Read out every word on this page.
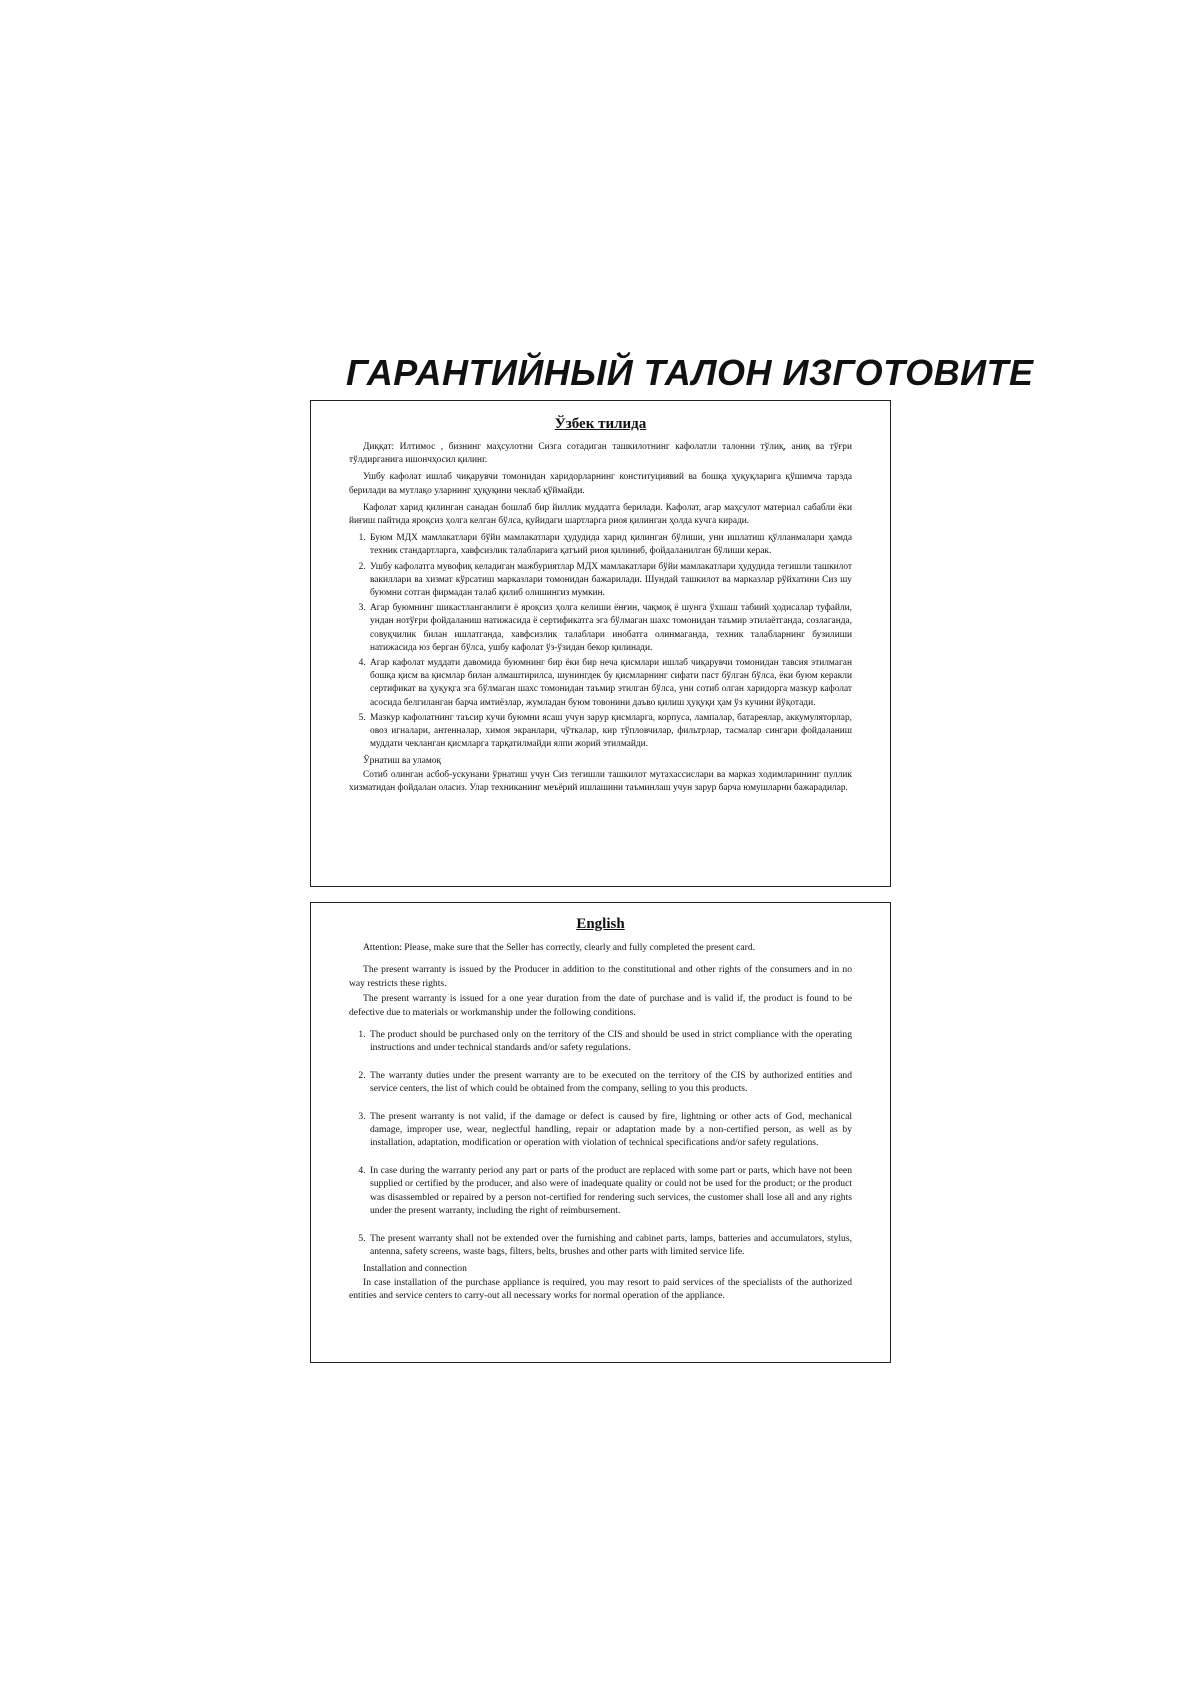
ГАРАНТИЙНЫЙ ТАЛОН ИЗГОТОВИТЕ
Ўзбек тилида

Диққат: Илтимос , бизнинг маҳсулотни Сизга сотадиган ташкилотнинг кафолатли талонни тўлиқ, аниқ ва тўғри тўлдирганига ишончҳосил қилинг.

Ушбу кафолат ишлаб чиқарувчи томонидан харидорларнинг конституциявий ва бошқа ҳуқуқларига қўшимча тарзда берилади ва мутлақо уларнинг ҳуқуқини чеклаб қўймайди.

Кафолат харид қилинган санадан бошлаб бир йиллик муддатга берилади. Кафолат, агар маҳсулот материал сабабли ёки йиғиш пайтида яроқсиз ҳолга келган бўлса, қуйидаги шартларга риоя қилинган ҳолда кучга киради.

1. Буюм МДХ мамлакатлари бўйи мамлакатлари ҳудудида харид қилинган бўлиши, уни ишлатиш қўлланмалари ҳамда техник стандартларга, хавфсизлик талабларига қатъий риоя қилиниб, фойдаланилган бўлиши керак.
2. Ушбу кафолатга мувофиқ келадиган мажбуриятлар МДХ мамлакатлари бўйи мамлакатлари ҳудудида тегишли ташкилот вакиллари ва хизмат кўрсатиш марказлари томонидан бажарилади. Шундай ташкилот ва марказлар рўйхатини Сиз шу буюмни сотган фирмадан талаб қилиб олишингиз мумкин.
3. Агар буюмнинг шикастланганлиги ё яроқсиз ҳолга келиши ёнғин, чақмоқ ё шунга ўхшаш табиий ҳодисалар туфайли, ундан нотўғри фойдаланиш натижасида ё сертификатга эга бўлмаган шахс томонидан таъмир этилаётганда, созлаганда, совуқчилик билан ишлатганда, хавфсизлик талаблари инобатга олинмаганда, техник талабларнинг бузилиши натижасида юз берган бўлса, ушбу кафолат ўз-ўзидан бекор қилинади.
4. Агар кафолат муддати давомида буюмнинг бир ёки бир неча қисмлари ишлаб чиқарувчи томонидан тавсия этилмаган бошқа қисм ва қисмлар билан алмаштирилса, шунингдек бу қисмларнинг сифати паст бўлган бўлса, ёки буюм керакли сертификат ва ҳуқуқга эга бўлмаган шахс томонидан таъмир этилган бўлса, уни сотиб олган харидорга мазкур кафолат асосида белгиланган барча имтиёзлар, жумладан буюм товонини даъво қилиш ҳуқуқи ҳам ўз кучини йўқотади.
5. Мазкур кафолатнинг таъсир кучи буюмни ясаш учун зарур қисмларга, корпуса, лампалар, батареялар, аккумуляторлар, овоз игналари, антенналар, химоя экранлари, чўткалар, кир тўпловчилар, фильтрлар, тасмалар сингари фойдаланиш муддати чекланган қисмларга тарқатилмайди ялпи жорий этилмайди.

Ўрнатиш ва уламоқ

Сотиб олинган асбоб-ускунани ўрнатиш учун Сиз тегишли ташкилот мутахассислари ва марказ ходимларининг пуллик хизматидан фойдалан оласиз. Улар техниканинг меъёрий ишлашини таъминлаш учун зарур барча юмушларни бажарадилар.

English

Attention: Please, make sure that the Seller has correctly, clearly and fully completed the present card.

The present warranty is issued by the Producer in addition to the constitutional and other rights of the consumers and in no way restricts these rights.

The present warranty is issued for a one year duration from the date of purchase and is valid if, the product is found to be defective due to materials or workmanship under the following conditions.

1. The product should be purchased only on the territory of the CIS and should be used in strict compliance with the operating instructions and under technical standards and/or safety regulations.
2. The warranty duties under the present warranty are to be executed on the territory of the CIS by authorized entities and service centers, the list of which could be obtained from the company, selling to you this products.
3. The present warranty is not valid, if the damage or defect is caused by fire, lightning or other acts of God, mechanical damage, improper use, wear, neglectful handling, repair or adaptation made by a non-certified person, as well as by installation, adaptation, modification or operation with violation of technical specifications and/or safety regulations.
4. In case during the warranty period any part or parts of the product are replaced with some part or parts, which have not been supplied or certified by the producer, and also were of inadequate quality or could not be used for the product; or the product was disassembled or repaired by a person not-certified for rendering such services, the customer shall lose all and any rights under the present warranty, including the right of reimbursement.
5. The present warranty shall not be extended over the furnishing and cabinet parts, lamps, batteries and accumulators, stylus, antenna, safety screens, waste bags, filters, belts, brushes and other parts with limited service life.

Installation and connection

In case installation of the purchase appliance is required, you may resort to paid services of the specialists of the authorized entities and service centers to carry-out all necessary works for normal operation of the appliance.
